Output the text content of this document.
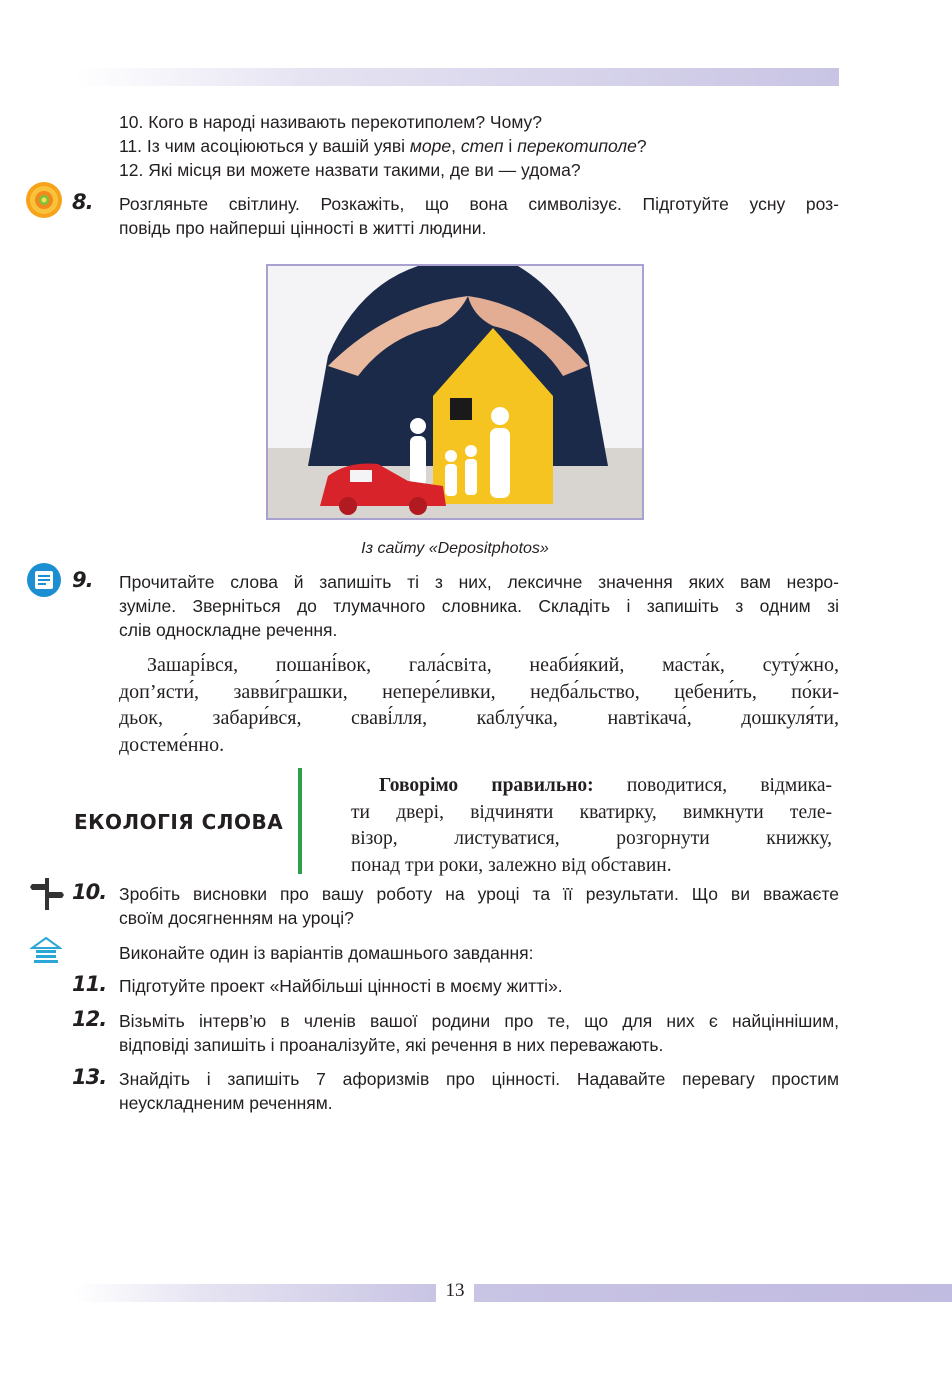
10. Кого в народі називають перекотиполем? Чому?
11. Із чим асоціюються у вашій уяві море, степ і перекотиполе?
12. Які місця ви можете назвати такими, де ви — удома?
8. Розгляньте світлину. Розкажіть, що вона символізує. Підготуйте усну роз-
повідь про найперші цінності в житті людини.
Із сайту «Depositphotos»
9. Прочитайте слова й запишіть ті з них, лексичне значення яких вам незро-
зуміле. Зверніться до тлумачного словника. Складіть і запишіть з одним зі
слів односкладне речення.
Зашарі́вся, пошані́вок, гала́світа, неаби́який, маста́к, суту́жно,
доп’ясти́, завви́грашки, непере́ливки, недба́льство, цебени́ть, по́ки-
дьок, забари́вся, сваві́лля, каблу́чка, навтікача́, дошкуля́ти,
достеме́нно.
ЕКОЛОГІЯ СЛОВА
Говорімо правильно: поводитися, відмика-
ти двері, відчиняти кватирку, вимкнути теле-
візор, листуватися, розгорнути книжку,
понад три роки, залежно від обставин.
10. Зробіть висновки про вашу роботу на уроці та її результати. Що ви вважаєте
своїм досягненням на уроці?
Виконайте один із варіантів домашнього завдання:
11. Підготуйте проект «Найбільші цінності в моєму житті».
12. Візьміть інтерв’ю в членів вашої родини про те, що для них є найціннішим,
відповіді запишіть і проаналізуйте, які речення в них переважають.
13. Знайдіть і запишіть 7 афоризмів про цінності. Надавайте перевагу простим
неускладненим реченням.
13
